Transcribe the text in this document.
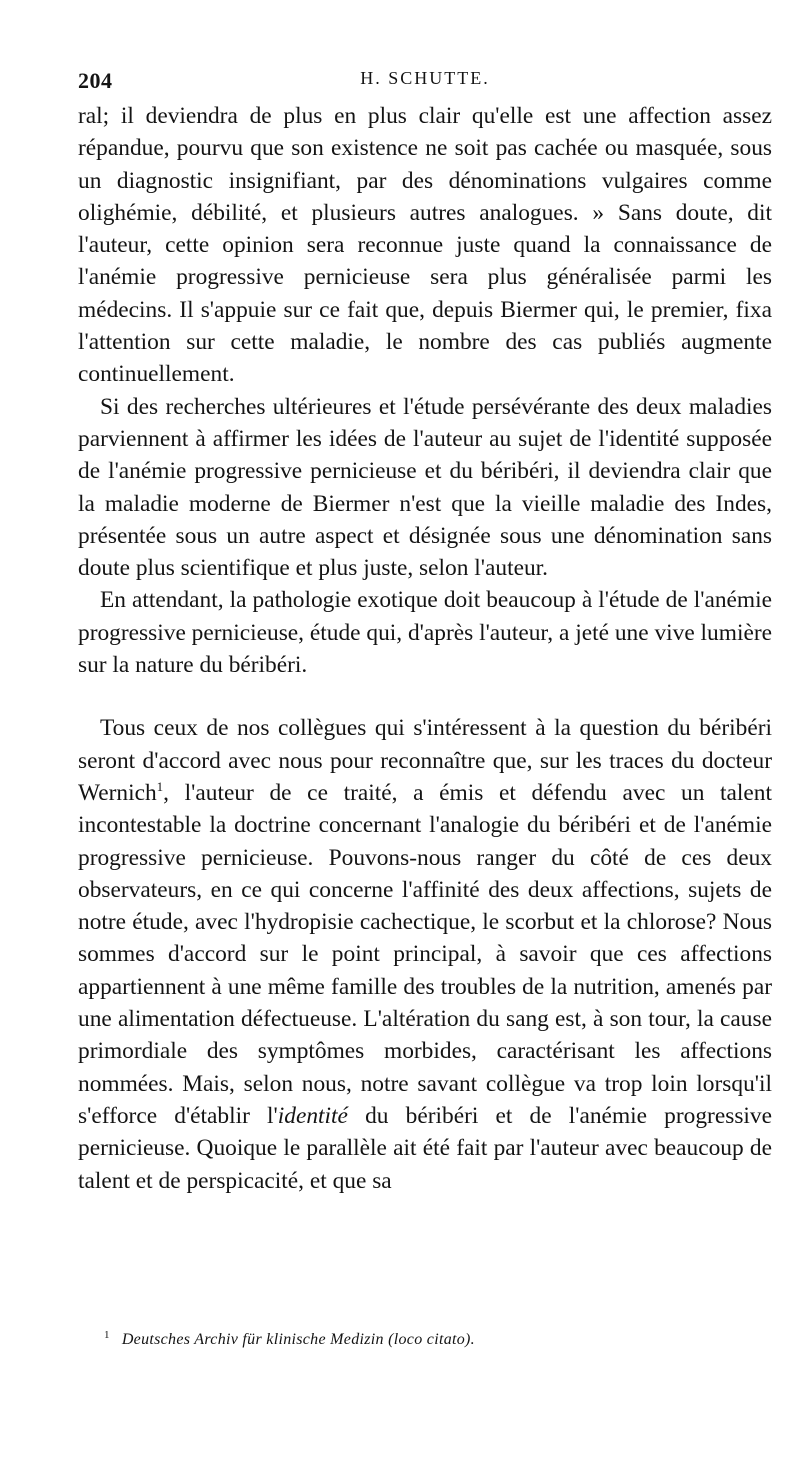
204	H. SCHUTTE.

ral; il deviendra de plus en plus clair qu'elle est une affection assez répandue, pourvu que son existence ne soit pas cachée ou masquée, sous un diagnostic insignifiant, par des dénominations vulgaires comme olighémie, débilité, et plusieurs autres analogues. » Sans doute, dit l'auteur, cette opinion sera reconnue juste quand la connaissance de l'anémie progressive pernicieuse sera plus généralisée parmi les médecins. Il s'appuie sur ce fait que, depuis Biermer qui, le premier, fixa l'attention sur cette maladie, le nombre des cas publiés augmente continuellement.

Si des recherches ultérieures et l'étude persévérante des deux maladies parviennent à affirmer les idées de l'auteur au sujet de l'identité supposée de l'anémie progressive pernicieuse et du béribéri, il deviendra clair que la maladie moderne de Biermer n'est que la vieille maladie des Indes, présentée sous un autre aspect et désignée sous une dénomination sans doute plus scientifique et plus juste, selon l'auteur.

En attendant, la pathologie exotique doit beaucoup à l'étude de l'anémie progressive pernicieuse, étude qui, d'après l'auteur, a jeté une vive lumière sur la nature du béribéri.

Tous ceux de nos collègues qui s'intéressent à la question du béribéri seront d'accord avec nous pour reconnaître que, sur les traces du docteur Wernich$^1$, l'auteur de ce traité, a émis et défendu avec un talent incontestable la doctrine concernant l'analogie du béribéri et de l'anémie progressive pernicieuse. Pouvons-nous ranger du côté de ces deux observateurs, en ce qui concerne l'affinité des deux affections, sujets de notre étude, avec l'hydropisie cachectique, le scorbut et la chlorose? Nous sommes d'accord sur le point principal, à savoir que ces affections appartiennent à une même famille des troubles de la nutrition, amenés par une alimentation défectueuse. L'altération du sang est, à son tour, la cause primordiale des symptômes morbides, caractérisant les affections nommées. Mais, selon nous, notre savant collègue va trop loin lorsqu'il s'efforce d'établir l'identité du béribéri et de l'anémie progressive pernicieuse. Quoique le parallèle ait été fait par l'auteur avec beaucoup de talent et de perspicacité, et que sa

$^1$ Deutsches Archiv für klinische Medizin (loco citato).
